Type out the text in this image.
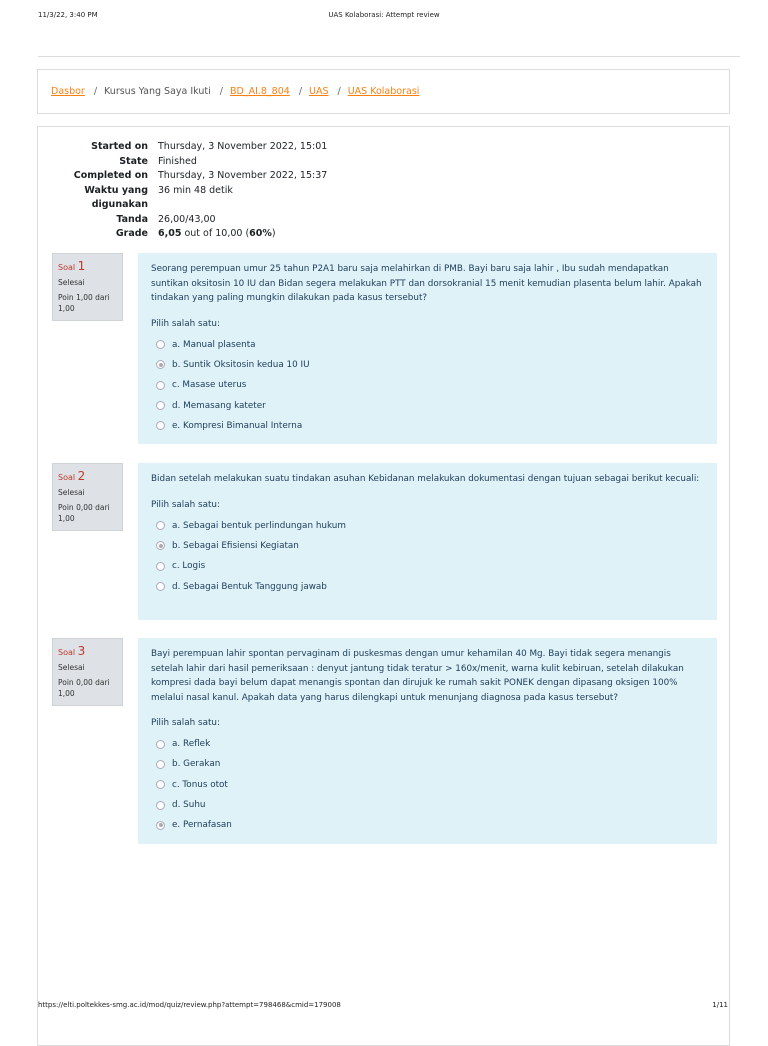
11/3/22, 3:40 PM	UAS Kolaborasi: Attempt review
Dasbor / Kursus Yang Saya Ikuti / BD_AI.8_804 / UAS / UAS Kolaborasi
Started on	Thursday, 3 November 2022, 15:01
State	Finished
Completed on	Thursday, 3 November 2022, 15:37
Waktu yang digunakan
36 min 48 detik
Tanda	26,00/43,00
Grade	6,05 out of 10,00 (60%)
Soal 1
Selesai
Poin 1,00 dari 1,00
Seorang perempuan umur 25 tahun P2A1 baru saja melahirkan di PMB. Bayi baru saja lahir , Ibu sudah mendapatkan suntikan oksitosin 10 IU dan Bidan segera melakukan PTT dan dorsokranial 15 menit kemudian plasenta belum lahir. Apakah tindakan yang paling mungkin dilakukan pada kasus tersebut?
Pilih salah satu:
a. Manual plasenta
b. Suntik Oksitosin kedua 10 IU
c. Masase uterus
d. Memasang kateter
e. Kompresi Bimanual Interna
Soal 2
Selesai
Poin 0,00 dari 1,00
Bidan setelah melakukan suatu tindakan asuhan Kebidanan melakukan dokumentasi dengan tujuan sebagai berikut kecuali:
Pilih salah satu:
a. Sebagai bentuk perlindungan hukum
b. Sebagai Efisiensi Kegiatan
c. Logis
d. Sebagai Bentuk Tanggung jawab
Soal 3
Selesai
Poin 0,00 dari 1,00
Bayi perempuan lahir spontan pervaginam di puskesmas dengan umur kehamilan 40 Mg. Bayi tidak segera menangis setelah lahir dari hasil pemeriksaan : denyut jantung tidak teratur > 160x/menit, warna kulit kebiruan, setelah dilakukan kompresi dada bayi belum dapat menangis spontan dan dirujuk ke rumah sakit PONEK dengan dipasang oksigen 100% melalui nasal kanul. Apakah data yang harus dilengkapi untuk menunjang diagnosa pada kasus tersebut?
Pilih salah satu:
a. Reflek
b. Gerakan
c. Tonus otot
d. Suhu
e. Pernafasan
https://elti.poltekkes-smg.ac.id/mod/quiz/review.php?attempt=798468&cmid=179008	1/11
